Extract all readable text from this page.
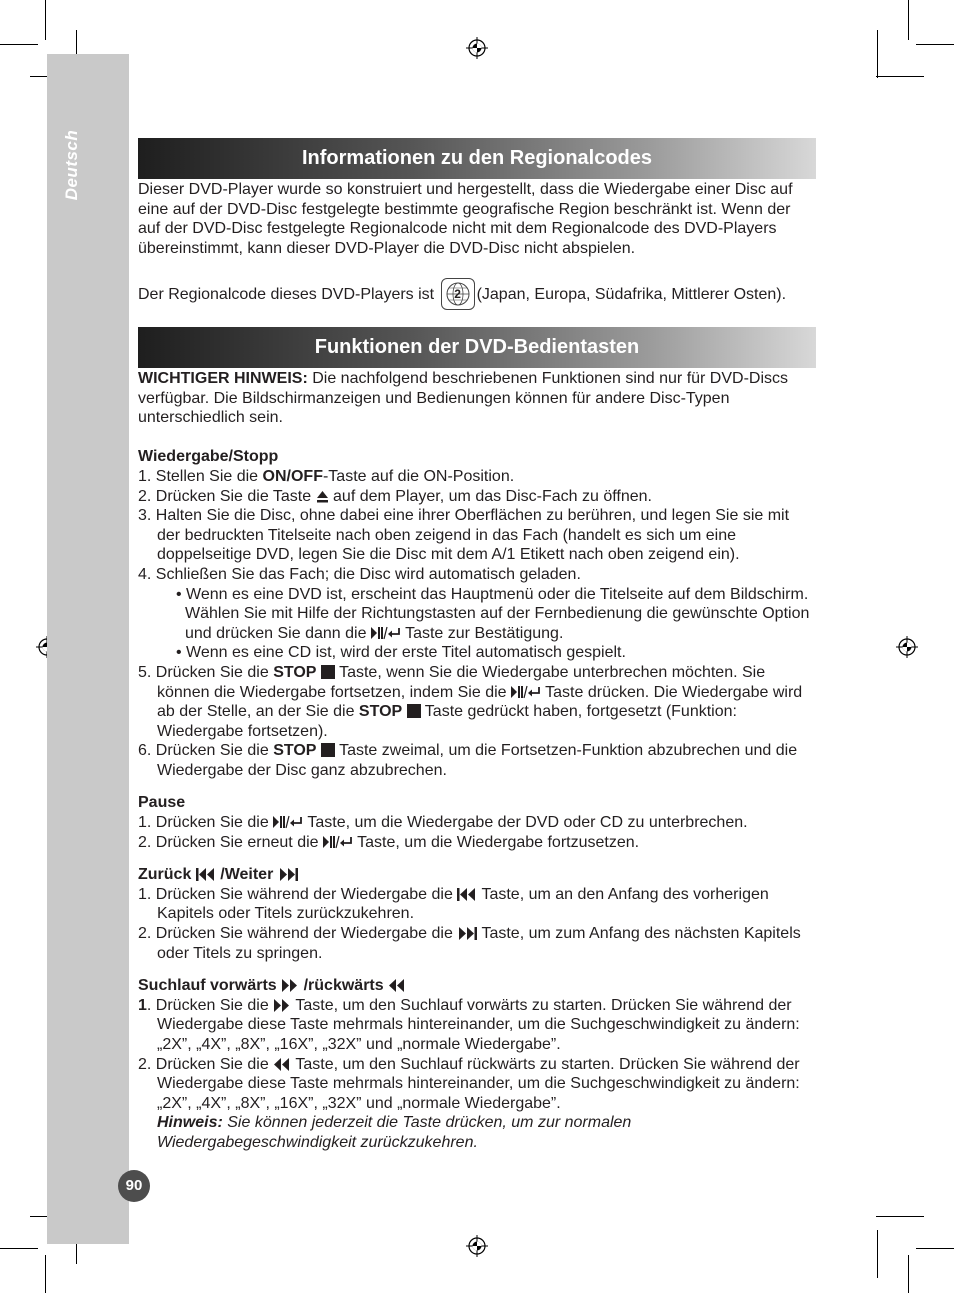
Deutsch	Informationen zu den Regionalcodes

Dieser DVD-Player wurde so konstruiert und hergestellt, dass die Wiedergabe einer Disc auf eine auf der DVD-Disc festgelegte bestimmte geografische Region beschränkt ist. Wenn der auf der DVD-Disc festgelegte Regionalcode nicht mit dem Regionalcode des DVD-Players übereinstimmt, kann dieser DVD-Player die DVD-Disc nicht abspielen.

Der Regionalcode dieses DVD-Players ist	2 (Japan, Europa, Südafrika, Mittlerer Osten).

Funktionen der DVD-Bedientasten

WICHTIGER HINWEIS: Die nachfolgend beschriebenen Funktionen sind nur für DVD-Discs verfügbar. Die Bildschirmanzeigen und Bedienungen können für andere Disc-Typen unterschiedlich sein.

Wiedergabe/Stopp

1. Stellen Sie die ON/OFF-Taste auf die ON-Position.

2. Drücken Sie die Taste  auf dem Player, um das Disc-Fach zu öffnen.

3. Halten Sie die Disc, ohne dabei eine ihrer Oberflächen zu berühren, und legen Sie sie mit der bedruckten Titelseite nach oben zeigend in das Fach (handelt es sich um eine doppelseitige DVD, legen Sie die Disc mit dem A/1 Etikett nach oben zeigend ein).

4. Schließen Sie das Fach; die Disc wird automatisch geladen.

• Wenn es eine DVD ist, erscheint das Hauptmenü oder die Titelseite auf dem Bildschirm. Wählen Sie mit Hilfe der Richtungstasten auf der Fernbedienung die gewünschte Option und drücken Sie dann die  Taste zur Bestätigung.

• Wenn es eine CD ist, wird der erste Titel automatisch gespielt.

5. Drücken Sie die STOP  Taste, wenn Sie die Wiedergabe unterbrechen möchten. Sie können die Wiedergabe fortsetzen, indem Sie die  Taste drücken. Die Wiedergabe wird ab der Stelle, an der Sie die STOP  Taste gedrückt haben, fortgesetzt (Funktion: Wiedergabe fortsetzen).

6. Drücken Sie die STOP  Taste zweimal, um die Fortsetzen-Funktion abzubrechen und die Wiedergabe der Disc ganz abzubrechen.

Pause

1. Drücken Sie die  Taste, um die Wiedergabe der DVD oder CD zu unterbrechen.

2. Drücken Sie erneut die  Taste, um die Wiedergabe fortzusetzen.

Zurück  /Weiter

1. Drücken Sie während der Wiedergabe die  Taste, um an den Anfang des vorherigen Kapitels oder Titels zurückzukehren.

2. Drücken Sie während der Wiedergabe die  Taste, um zum Anfang des nächsten Kapitels oder Titels zu springen.

Suchlauf vorwärts  /rückwärts

1. Drücken Sie die  Taste, um den Suchlauf vorwärts zu starten. Drücken Sie während der Wiedergabe diese Taste mehrmals hintereinander, um die Suchgeschwindigkeit zu ändern: „2X”, „4X”, „8X”, „16X”, „32X” und „normale Wiedergabe”.

2. Drücken Sie die  Taste, um den Suchlauf rückwärts zu starten. Drücken Sie während der Wiedergabe diese Taste mehrmals hintereinander, um die Suchgeschwindigkeit zu ändern: „2X”, „4X”, „8X”, „16X”, „32X” und „normale Wiedergabe”.

Hinweis: Sie können jederzeit die Taste drücken, um zur normalen Wiedergabegeschwindigkeit zurückzukehren.

90
